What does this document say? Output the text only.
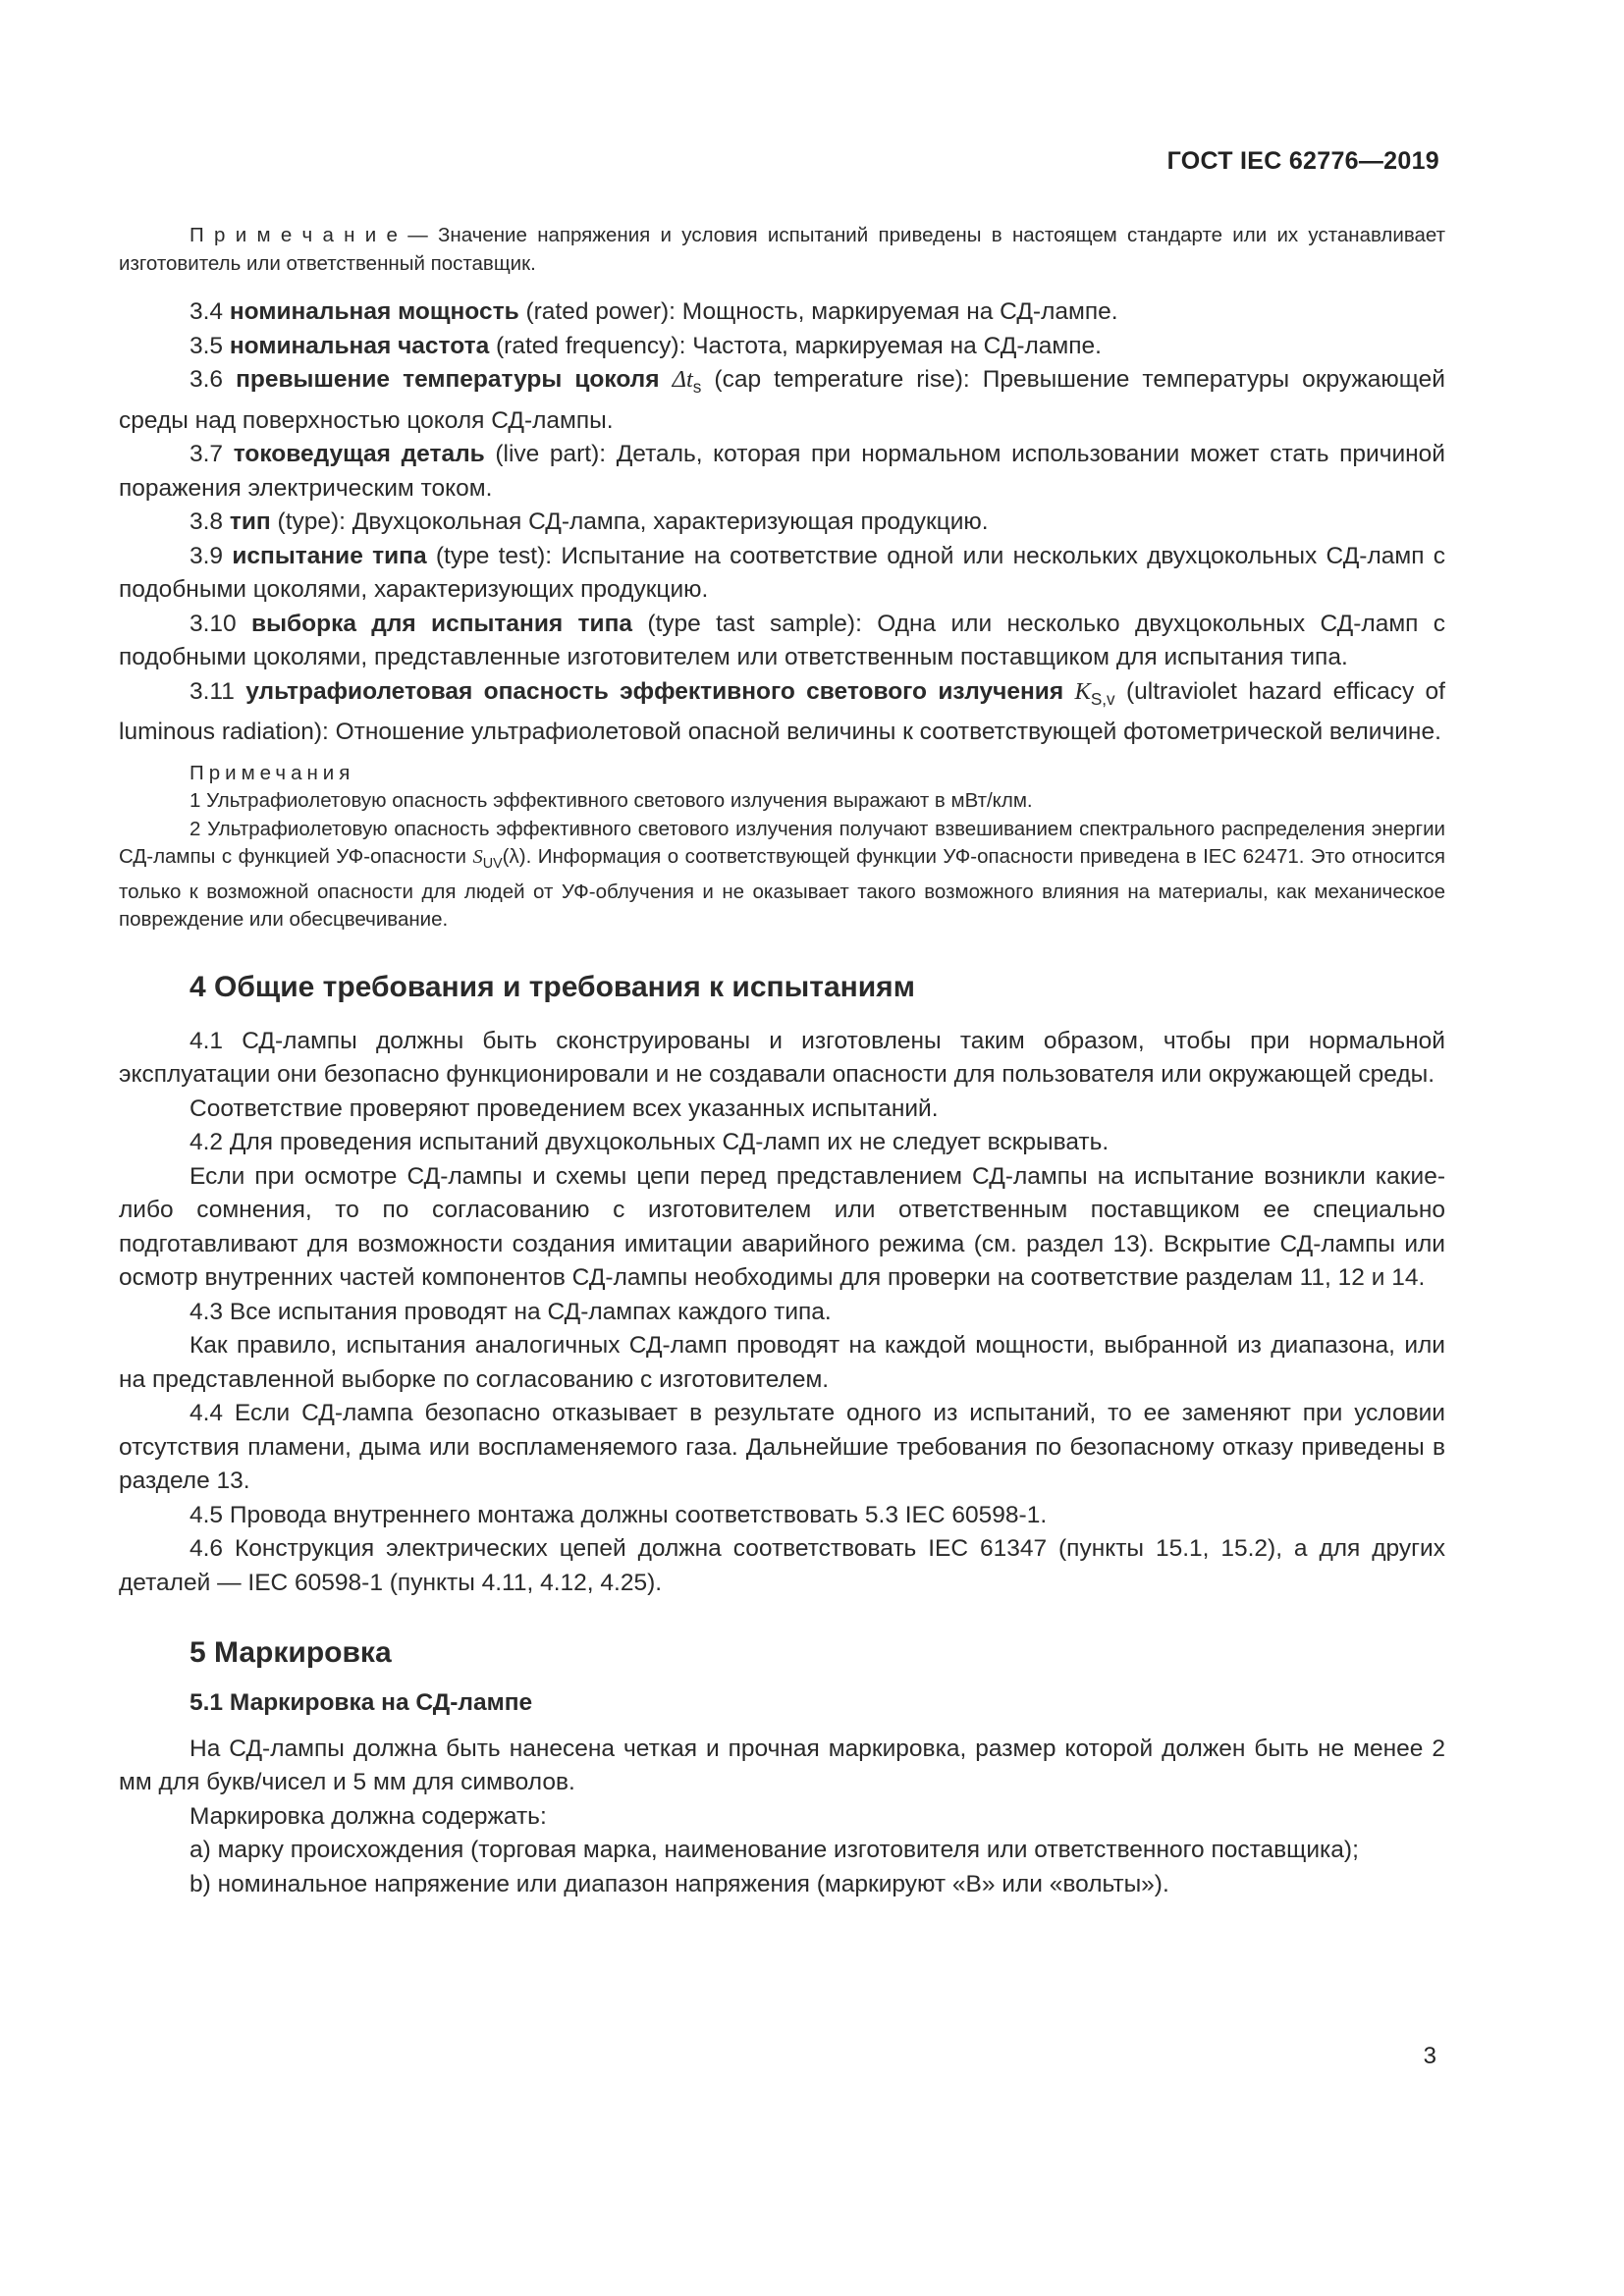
ГОСТ IEC 62776—2019

П р и м е ч а н и е — Значение напряжения и условия испытаний приведены в настоящем стандарте или их устанавливает изготовитель или ответственный поставщик.

3.4 номинальная мощность (rated power): Мощность, маркируемая на СД-лампе.

3.5 номинальная частота (rated frequency): Частота, маркируемая на СД-лампе.

3.6 превышение температуры цоколя $\Delta t_s$ (cap temperature rise): Превышение температуры окружающей среды над поверхностью цоколя СД-лампы.

3.7 токоведущая деталь (live part): Деталь, которая при нормальном использовании может стать причиной поражения электрическим током.

3.8 тип (type): Двухцокольная СД-лампа, характеризующая продукцию.

3.9 испытание типа (type test): Испытание на соответствие одной или нескольких двухцокольных СД-ламп с подобными цоколями, характеризующих продукцию.

3.10 выборка для испытания типа (type tast sample): Одна или несколько двухцокольных СД-ламп с подобными цоколями, представленные изготовителем или ответственным поставщиком для испытания типа.

3.11 ультрафиолетовая опасность эффективного светового излучения $K_{S,v}$ (ultraviolet hazard efficacy of luminous radiation): Отношение ультрафиолетовой опасной величины к соответствующей фотометрической величине.

Примечания

1 Ультрафиолетовую опасность эффективного светового излучения выражают в мВт/клм.

2 Ультрафиолетовую опасность эффективного светового излучения получают взвешиванием спектрального распределения энергии СД-лампы с функцией УФ-опасности $S_{UV}(\lambda)$. Информация о соответствующей функции УФ-опасности приведена в IEC 62471. Это относится только к возможной опасности для людей от УФ-облучения и не оказывает такого возможного влияния на материалы, как механическое повреждение или обесцвечивание.

4 Общие требования и требования к испытаниям

4.1 СД-лампы должны быть сконструированы и изготовлены таким образом, чтобы при нормальной эксплуатации они безопасно функционировали и не создавали опасности для пользователя или окружающей среды.

Соответствие проверяют проведением всех указанных испытаний.

4.2 Для проведения испытаний двухцокольных СД-ламп их не следует вскрывать.

Если при осмотре СД-лампы и схемы цепи перед представлением СД-лампы на испытание возникли какие-либо сомнения, то по согласованию с изготовителем или ответственным поставщиком ее специально подготавливают для возможности создания имитации аварийного режима (см. раздел 13). Вскрытие СД-лампы или осмотр внутренних частей компонентов СД-лампы необходимы для проверки на соответствие разделам 11, 12 и 14.

4.3 Все испытания проводят на СД-лампах каждого типа.

Как правило, испытания аналогичных СД-ламп проводят на каждой мощности, выбранной из диапазона, или на представленной выборке по согласованию с изготовителем.

4.4 Если СД-лампа безопасно отказывает в результате одного из испытаний, то ее заменяют при условии отсутствия пламени, дыма или воспламеняемого газа. Дальнейшие требования по безопасному отказу приведены в разделе 13.

4.5 Провода внутреннего монтажа должны соответствовать 5.3 IEC 60598-1.

4.6 Конструкция электрических цепей должна соответствовать IEC 61347 (пункты 15.1, 15.2), а для других деталей — IEC 60598-1 (пункты 4.11, 4.12, 4.25).

5 Маркировка
5.1 Маркировка на СД-лампе

На СД-лампы должна быть нанесена четкая и прочная маркировка, размер которой должен быть не менее 2 мм для букв/чисел и 5 мм для символов.

Маркировка должна содержать:

а) марку происхождения (торговая марка, наименование изготовителя или ответственного поставщика);

b) номинальное напряжение или диапазон напряжения (маркируют «В» или «вольты»).

3
